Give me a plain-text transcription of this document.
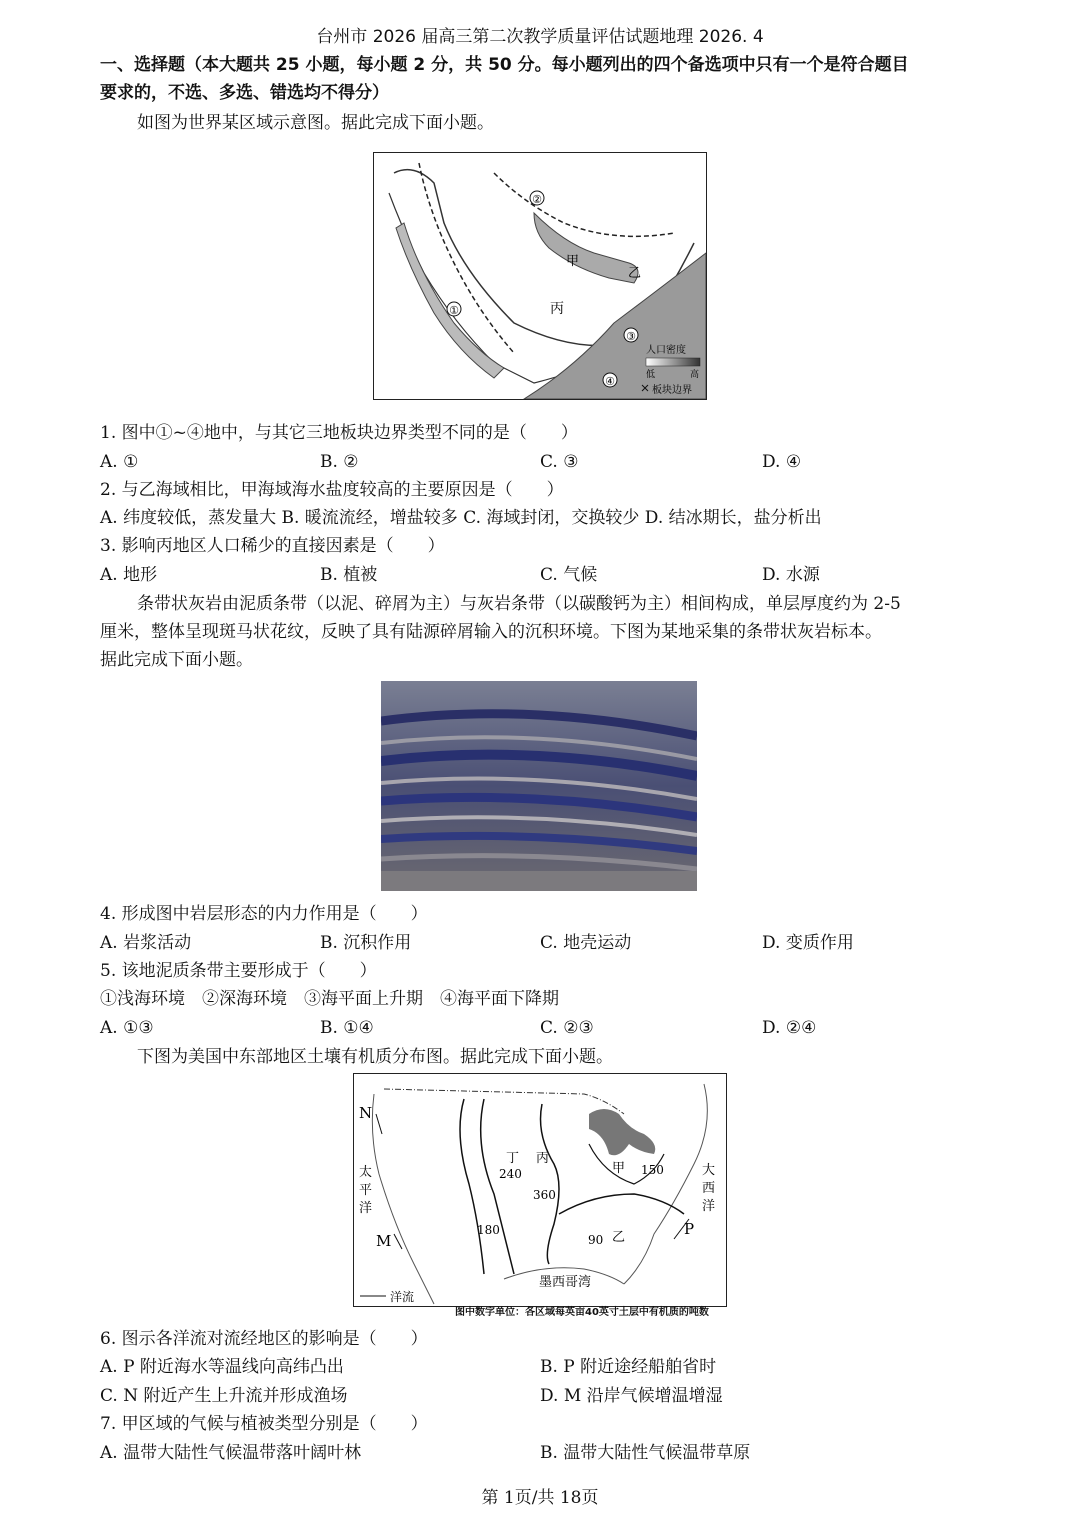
台州市 2026 届高三第二次教学质量评估试题地理 2026. 4
一、选择题（本大题共 25 小题，每小题 2 分，共 50 分。每小题列出的四个备选项中只有一个是符合题目
要求的，不选、多选、错选均不得分）
如图为世界某区域示意图。据此完成下面小题。
②
①
③
④
甲
乙
丙
人口密度
低	高
板块边界
1. 图中①~④地中，与其它三地板块边界类型不同的是（　　）
A. ①	B. ②	C. ③	D. ④
2. 与乙海域相比，甲海域海水盐度较高的主要原因是（　　）
A. 纬度较低，蒸发量大 B. 暖流流经，增盐较多 C. 海域封闭，交换较少 D. 结冰期长，盐分析出
3. 影响丙地区人口稀少的直接因素是（　　）
A. 地形	B. 植被	C. 气候	D. 水源
条带状灰岩由泥质条带（以泥、碎屑为主）与灰岩条带（以碳酸钙为主）相间构成，单层厚度约为 2-5
厘米，整体呈现斑马状花纹，反映了具有陆源碎屑输入的沉积环境。下图为某地采集的条带状灰岩标本。
据此完成下面小题。
4. 形成图中岩层形态的内力作用是（　　）
A. 岩浆活动	B. 沉积作用	C. 地壳运动	D. 变质作用
5. 该地泥质条带主要形成于（　　）
①浅海环境　②深海环境　③海平面上升期　④海平面下降期
A. ①③	B. ①④	C. ②③	D. ②④
下图为美国中东部地区土壤有机质分布图。据此完成下面小题。
N
M
P
太
平
洋
大
西
洋
墨西哥湾
丁 丙
甲
乙
240
360
180
150
90
洋流
图中数字单位：各区域每英亩40英寸土层中有机质的吨数
6. 图示各洋流对流经地区的影响是（　　）
A. P 附近海水等温线向高纬凸出	B. P 附近途经船舶省时
C. N 附近产生上升流并形成渔场	D. M 沿岸气候增温增湿
7. 甲区域的气候与植被类型分别是（　　）
A. 温带大陆性气候温带落叶阔叶林	B. 温带大陆性气候温带草原
第 1页/共 18页
